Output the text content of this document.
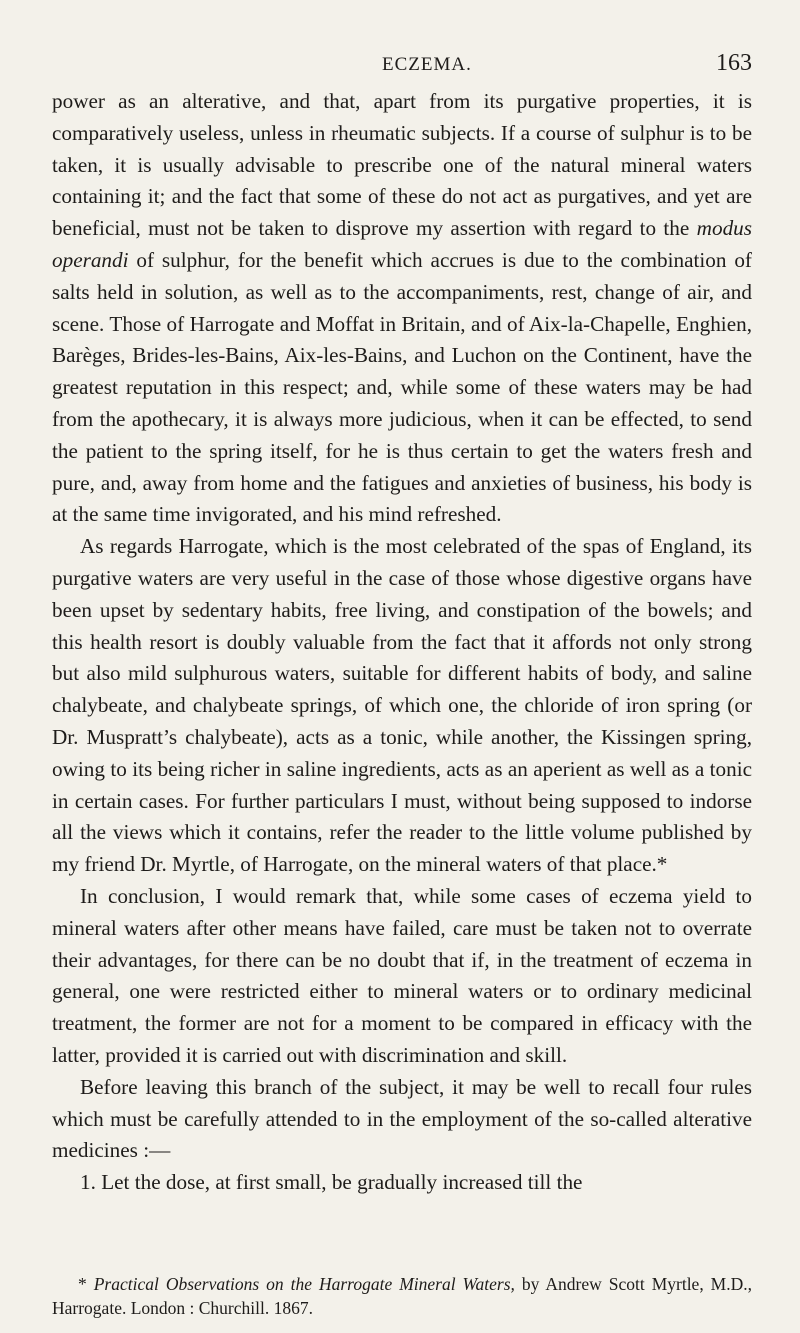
ECZEMA.	163

power as an alterative, and that, apart from its purgative properties, it is comparatively useless, unless in rheumatic subjects. If a course of sulphur is to be taken, it is usually advisable to prescribe one of the natural mineral waters containing it; and the fact that some of these do not act as purgatives, and yet are beneficial, must not be taken to disprove my assertion with regard to the modus operandi of sulphur, for the benefit which accrues is due to the combination of salts held in solution, as well as to the accompaniments, rest, change of air, and scene. Those of Harrogate and Moffat in Britain, and of Aix-la-Chapelle, Enghien, Barèges, Brides-les-Bains, Aix-les-Bains, and Luchon on the Continent, have the greatest reputation in this respect; and, while some of these waters may be had from the apothecary, it is always more judicious, when it can be effected, to send the patient to the spring itself, for he is thus certain to get the waters fresh and pure, and, away from home and the fatigues and anxieties of business, his body is at the same time invigorated, and his mind refreshed.

As regards Harrogate, which is the most celebrated of the spas of England, its purgative waters are very useful in the case of those whose digestive organs have been upset by sedentary habits, free living, and constipation of the bowels; and this health resort is doubly valuable from the fact that it affords not only strong but also mild sulphurous waters, suitable for different habits of body, and saline chalybeate, and chalybeate springs, of which one, the chloride of iron spring (or Dr. Muspratt’s chalybeate), acts as a tonic, while another, the Kissingen spring, owing to its being richer in saline ingredients, acts as an aperient as well as a tonic in certain cases. For further particulars I must, without being supposed to indorse all the views which it contains, refer the reader to the little volume published by my friend Dr. Myrtle, of Harrogate, on the mineral waters of that place.*

In conclusion, I would remark that, while some cases of eczema yield to mineral waters after other means have failed, care must be taken not to overrate their advantages, for there can be no doubt that if, in the treatment of eczema in general, one were restricted either to mineral waters or to ordinary medicinal treatment, the former are not for a moment to be compared in efficacy with the latter, provided it is carried out with discrimination and skill.

Before leaving this branch of the subject, it may be well to recall four rules which must be carefully attended to in the employment of the so-called alterative medicines :—

1. Let the dose, at first small, be gradually increased till the

* Practical Observations on the Harrogate Mineral Waters, by Andrew Scott Myrtle, M.D., Harrogate. London : Churchill. 1867.
